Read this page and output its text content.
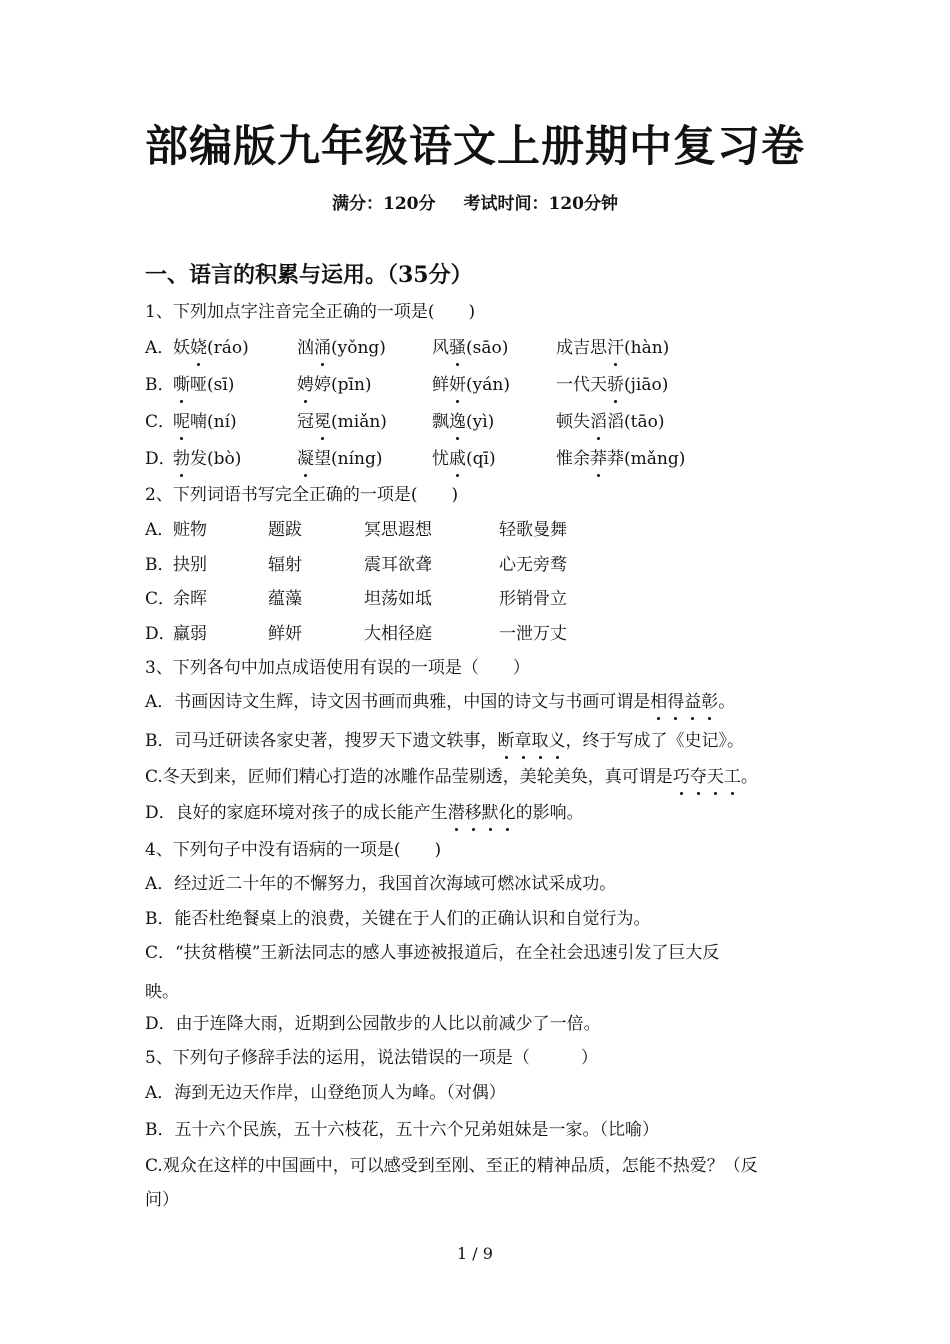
部编版九年级语文上册期中复习卷
满分：120分 考试时间：120分钟
一、语言的积累与运用。（35分）
1、下列加点字注音完全正确的一项是(　　)
A．
妖娆(ráo)	汹涌(yǒng)	风骚(sāo)	成吉思汗(hàn)
B．
嘶哑(sī)	娉婷(pīn)	鲜妍(yán)	一代天骄(jiāo)
C．
呢喃(ní)	冠冕(miǎn)	飘逸(yì)	顿失滔滔(tāo)
D．
勃发(bò)	凝望(níng)	忧戚(qī)	惟余莽莽(mǎng)
2、下列词语书写完全正确的一项是(　　)
A．
赃物	题跋	冥思遐想	轻歌曼舞
B．
抉别	辐射	震耳欲聋	心无旁骛
C．
余晖	蕴藻	坦荡如坻	形销骨立
D．
羸弱	鲜妍	大相径庭	一泄万丈
3、下列各句中加点成语使用有误的一项是（　　）
A．书画因诗文生辉，诗文因书画而典雅，中国的诗文与书画可谓是相得益彰。
B．司马迁研读各家史著，搜罗天下遗文轶事，断章取义，终于写成了《史记》。
C.冬天到来，匠师们精心打造的冰雕作品莹剔透，美轮美奂，真可谓是巧夺天工。
D．良好的家庭环境对孩子的成长能产生潜移默化的影响。
4、下列句子中没有语病的一项是(　　)
A．经过近二十年的不懈努力，我国首次海域可燃冰试采成功。
B．能否杜绝餐桌上的浪费，关键在于人们的正确认识和自觉行为。
C．“扶贫楷模”王新法同志的感人事迹被报道后，在全社会迅速引发了巨大反
映。
D．由于连降大雨，近期到公园散步的人比以前减少了一倍。
5、下列句子修辞手法的运用，说法错误的一项是（　　　）
A．海到无边天作岸，山登绝顶人为峰。（对偶）
B．五十六个民族，五十六枝花，五十六个兄弟姐妹是一家。（比喻）
C.观众在这样的中国画中，可以感受到至刚、至正的精神品质，怎能不热爱？（反
问）
1 / 9
